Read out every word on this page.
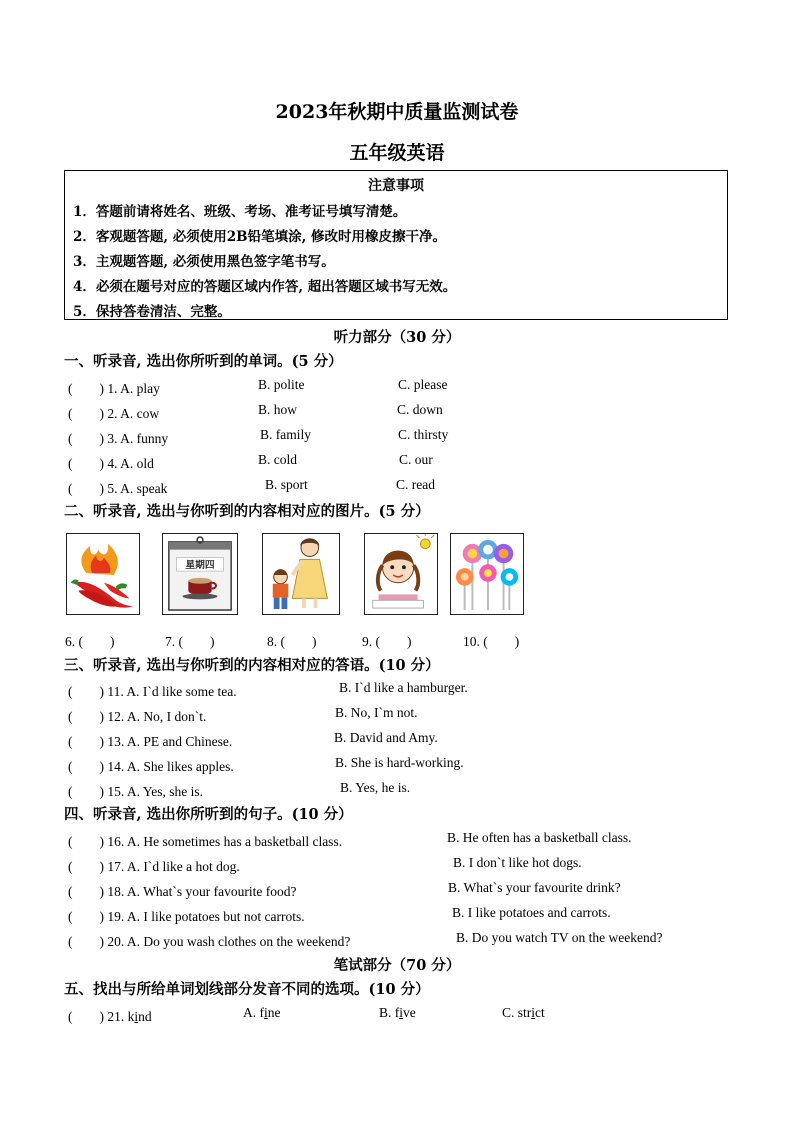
2023年秋期中质量监测试卷
五年级英语
注意事项
1．答题前请将姓名、班级、考场、准考证号填写清楚。
2．客观题答题, 必须使用2B铅笔填涂, 修改时用橡皮擦干净。
3．主观题答题, 必须使用黑色签字笔书写。
4．必须在题号对应的答题区域内作答, 超出答题区域书写无效。
5．保持答卷清洁、完整。
听力部分（30 分）
一、听录音, 选出你所听到的单词。(5 分）
(　　) 1. A. play	B. polite	C. please
(　　) 2. A. cow	B. how	C. down
(　　) 3. A. funny	B. family	C. thirsty
(　　) 4. A. old	B. cold	C. our
(　　) 5. A. speak	B. sport	C. read
二、听录音, 选出与你听到的内容相对应的图片。(5 分）
星期四
6. (　　)	7. (　　)	8. (　　)	9. (　　)	10. (　　)
三、听录音, 选出与你听到的内容相对应的答语。(10 分）
(　　) 11. A. I`d like some tea.	B. I`d like a hamburger.
(　　) 12. A. No, I don`t.	B. No, I`m not.
(　　) 13. A. PE and Chinese.	B. David and Amy.
(　　) 14. A. She likes apples.	B. She is hard-working.
(　　) 15. A. Yes, she is.	B. Yes, he is.
四、听录音, 选出你所听到的句子。(10 分）
(　　) 16. A. He sometimes has a basketball class.	B. He often has a basketball class.
(　　) 17. A. I`d like a hot dog.	B. I don`t like hot dogs.
(　　) 18. A. What`s your favourite food?	B. What`s your favourite drink?
(　　) 19. A. I like potatoes but not carrots.	B. I like potatoes and carrots.
(　　) 20. A. Do you wash clothes on the weekend?	B. Do you watch TV on the weekend?
笔试部分（70 分）
五、找出与所给单词划线部分发音不同的选项。(10 分）
(　　) 21. kind	A. fine	B. five	C. strict
